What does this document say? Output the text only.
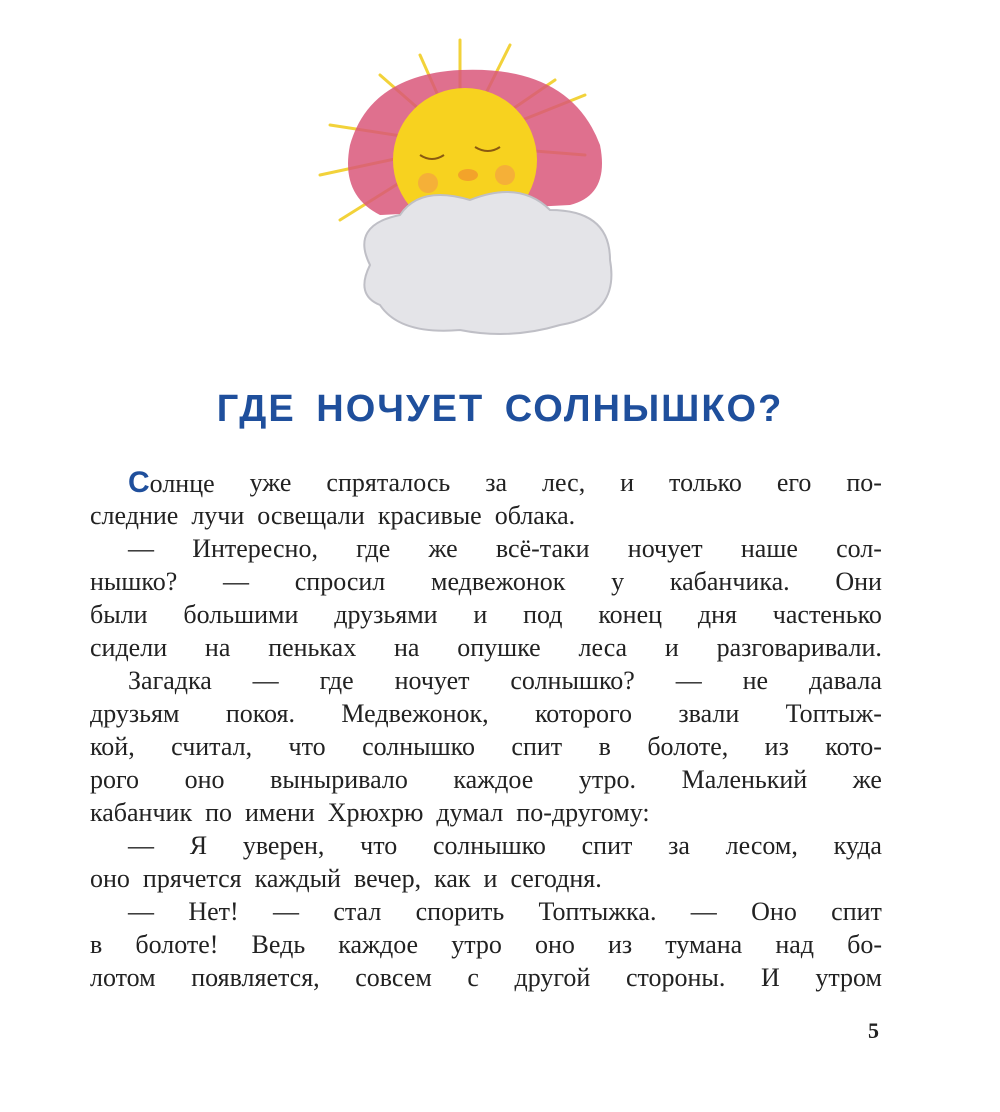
ГДЕ НОЧУЕТ СОЛНЫШКО?
Солнце уже спряталось за лес, и только его по-
следние лучи освещали красивые облака.
— Интересно, где же всё-таки ночует наше сол-
нышко? — спросил медвежонок у кабанчика. Они
были большими друзьями и под конец дня частенько
сидели на пеньках на опушке леса и разговаривали.
Загадка — где ночует солнышко? — не давала
друзьям покоя. Медвежонок, которого звали Топтыж-
кой, считал, что солнышко спит в болоте, из кото-
рого оно выныривало каждое утро. Маленький же
кабанчик по имени Хрюхрю думал по-другому:
— Я уверен, что солнышко спит за лесом, куда
оно прячется каждый вечер, как и сегодня.
— Нет! — стал спорить Топтыжка. — Оно спит
в болоте! Ведь каждое утро оно из тумана над бо-
лотом появляется, совсем с другой стороны. И утром
5
